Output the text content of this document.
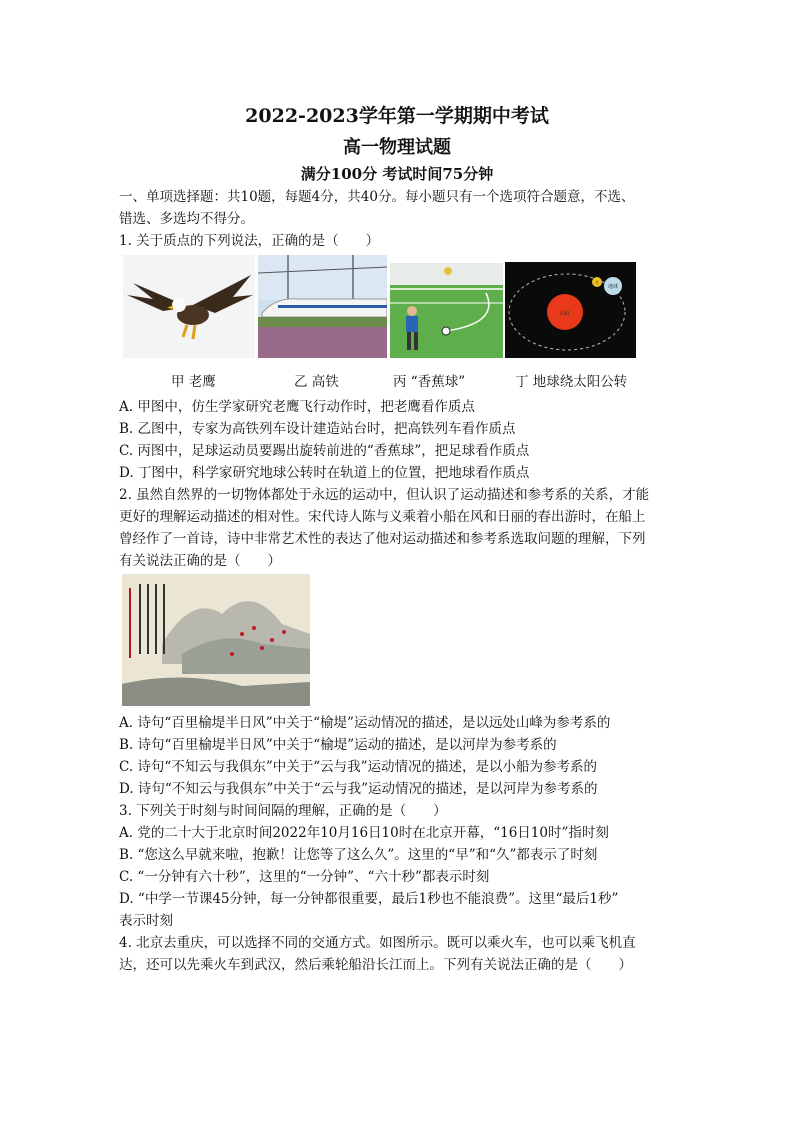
2022-2023学年第一学期期中考试
高一物理试题
满分100分 考试时间75分钟
一、单项选择题：共10题，每题4分，共40分。每小题只有一个选项符合题意，不选、
错选、多选均不得分。
1. 关于质点的下列说法，正确的是（　　）
太阳
地球
月
甲 老鹰	乙 高铁	丙 “香蕉球”	丁 地球绕太阳公转
A. 甲图中，仿生学家研究老鹰飞行动作时，把老鹰看作质点
B. 乙图中，专家为高铁列车设计建造站台时，把高铁列车看作质点
C. 丙图中，足球运动员要踢出旋转前进的“香蕉球”，把足球看作质点
D. 丁图中，科学家研究地球公转时在轨道上的位置，把地球看作质点
2. 虽然自然界的一切物体都处于永远的运动中，但认识了运动描述和参考系的关系，才能
更好的理解运动描述的相对性。宋代诗人陈与义乘着小船在风和日丽的春出游时，在船上
曾经作了一首诗，诗中非常艺术性的表达了他对运动描述和参考系选取问题的理解，下列
有关说法正确的是（　　）
A. 诗句“百里榆堤半日风”中关于“榆堤”运动情况的描述，是以远处山峰为参考系的
B. 诗句“百里榆堤半日风”中关于“榆堤”运动的描述，是以河岸为参考系的
C. 诗句“不知云与我俱东”中关于“云与我”运动情况的描述，是以小船为参考系的
D. 诗句“不知云与我俱东”中关于“云与我”运动情况的描述，是以河岸为参考系的
3. 下列关于时刻与时间间隔的理解，正确的是（　　）
A. 党的二十大于北京时间2022年10月16日10时在北京开幕，“16日10时”指时刻
B. “您这么早就来啦，抱歉！让您等了这么久”。这里的“早”和“久”都表示了时刻
C. “一分钟有六十秒”，这里的“一分钟”、“六十秒”都表示时刻
D. “中学一节课45分钟，每一分钟都很重要，最后1秒也不能浪费”。这里“最后1秒”
表示时刻
4. 北京去重庆，可以选择不同的交通方式。如图所示。既可以乘火车，也可以乘飞机直
达，还可以先乘火车到武汉，然后乘轮船沿长江而上。下列有关说法正确的是（　　）
